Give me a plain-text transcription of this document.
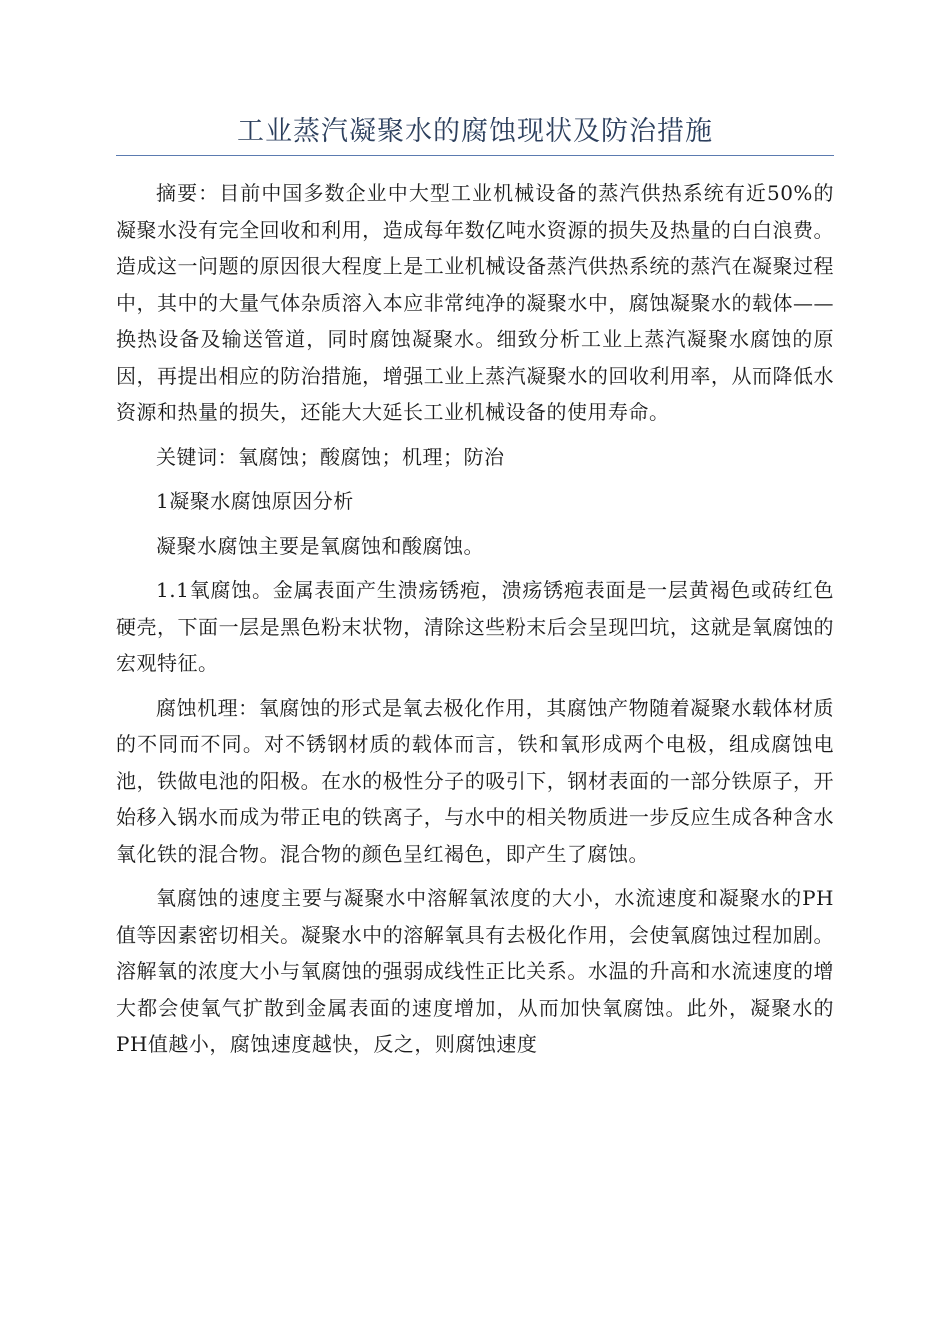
工业蒸汽凝聚水的腐蚀现状及防治措施

摘要：目前中国多数企业中大型工业机械设备的蒸汽供热系统有近50%的凝聚水没有完全回收和利用，造成每年数亿吨水资源的损失及热量的白白浪费。造成这一问题的原因很大程度上是工业机械设备蒸汽供热系统的蒸汽在凝聚过程中，其中的大量气体杂质溶入本应非常纯净的凝聚水中，腐蚀凝聚水的载体——换热设备及输送管道，同时腐蚀凝聚水。细致分析工业上蒸汽凝聚水腐蚀的原因，再提出相应的防治措施，增强工业上蒸汽凝聚水的回收利用率，从而降低水资源和热量的损失，还能大大延长工业机械设备的使用寿命。

关键词：氧腐蚀；酸腐蚀；机理；防治

1凝聚水腐蚀原因分析

凝聚水腐蚀主要是氧腐蚀和酸腐蚀。

1.1氧腐蚀。金属表面产生溃疡锈疱，溃疡锈疱表面是一层黄褐色或砖红色硬壳，下面一层是黑色粉末状物，清除这些粉末后会呈现凹坑，这就是氧腐蚀的宏观特征。

腐蚀机理：氧腐蚀的形式是氧去极化作用，其腐蚀产物随着凝聚水载体材质的不同而不同。对不锈钢材质的载体而言，铁和氧形成两个电极，组成腐蚀电池，铁做电池的阳极。在水的极性分子的吸引下，钢材表面的一部分铁原子，开始移入锅水而成为带正电的铁离子，与水中的相关物质进一步反应生成各种含水氧化铁的混合物。混合物的颜色呈红褐色，即产生了腐蚀。

氧腐蚀的速度主要与凝聚水中溶解氧浓度的大小，水流速度和凝聚水的PH值等因素密切相关。凝聚水中的溶解氧具有去极化作用，会使氧腐蚀过程加剧。溶解氧的浓度大小与氧腐蚀的强弱成线性正比关系。水温的升高和水流速度的增大都会使氧气扩散到金属表面的速度增加，从而加快氧腐蚀。此外，凝聚水的PH值越小，腐蚀速度越快，反之，则腐蚀速度
